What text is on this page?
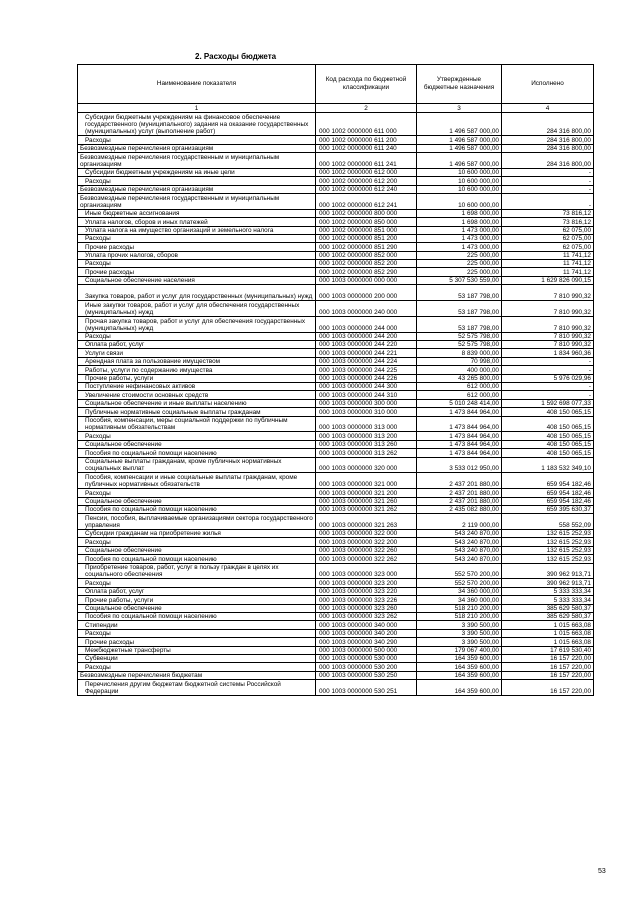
2. Расходы бюджета
Наименование показателя	Код расхода по бюджетной классификации	Утвержденные бюджетные назначения	Исполнено
1	2	3	4
Субсидии бюджетным учреждениям на финансовое обеспечение государственного (муниципального) задания на оказание государственных (муниципальных) услуг (выполнение работ)	000 1002 0000000 611 000	1 496 587 000,00	284 316 800,00
Расходы	000 1002 0000000 611 200	1 496 587 000,00	284 316 800,00
Безвозмездные перечисления организациям	000 1002 0000000 611 240	1 496 587 000,00	284 316 800,00
Безвозмездные перечисления государственным и муниципальным организациям	000 1002 0000000 611 241	1 496 587 000,00	284 316 800,00
Субсидии бюджетным учреждениям на иные цели	000 1002 0000000 612 000	10 600 000,00	-
Расходы	000 1002 0000000 612 200	10 600 000,00	-
Безвозмездные перечисления организациям	000 1002 0000000 612 240	10 600 000,00	-
Безвозмездные перечисления государственным и муниципальным организациям	000 1002 0000000 612 241	10 600 000,00	-
Иные бюджетные ассигнования	000 1002 0000000 800 000	1 698 000,00	73 816,12
Уплата налогов, сборов и иных платежей	000 1002 0000000 850 000	1 698 000,00	73 816,12
Уплата налога на имущество организаций и земельного налога	000 1002 0000000 851 000	1 473 000,00	62 075,00
Расходы	000 1002 0000000 851 200	1 473 000,00	62 075,00
Прочие расходы	000 1002 0000000 851 290	1 473 000,00	62 075,00
Уплата прочих налогов, сборов	000 1002 0000000 852 000	225 000,00	11 741,12
Расходы	000 1002 0000000 852 200	225 000,00	11 741,12
Прочие расходы	000 1002 0000000 852 290	225 000,00	11 741,12
Социальное обеспечение населения	000 1003 0000000 000 000	5 307 530 559,00	1 629 826 090,15
Закупка товаров, работ и услуг для государственных (муниципальных) нужд	000 1003 0000000 200 000	53 187 798,00	7 810 990,32
Иные закупки товаров, работ и услуг для обеспечения государственных (муниципальных) нужд	000 1003 0000000 240 000	53 187 798,00	7 810 990,32
Прочая закупка товаров, работ и услуг для обеспечения государственных (муниципальных) нужд	000 1003 0000000 244 000	53 187 798,00	7 810 990,32
Расходы	000 1003 0000000 244 200	52 575 798,00	7 810 990,32
Оплата работ, услуг	000 1003 0000000 244 220	52 575 798,00	7 810 990,32
Услуги связи	000 1003 0000000 244 221	8 839 000,00	1 834 960,36
Арендная плата за пользование имуществом	000 1003 0000000 244 224	70 998,00	-
Работы, услуги по содержанию имущества	000 1003 0000000 244 225	400 000,00	-
Прочие работы, услуги	000 1003 0000000 244 226	43 265 800,00	5 976 029,96
Поступление нефинансовых активов	000 1003 0000000 244 300	612 000,00	-
Увеличение стоимости основных средств	000 1003 0000000 244 310	612 000,00	-
Социальное обеспечение и иные выплаты населению	000 1003 0000000 300 000	5 010 248 414,00	1 592 698 077,33
Публичные нормативные социальные выплаты гражданам	000 1003 0000000 310 000	1 473 844 964,00	408 150 065,15
Пособия, компенсации, меры социальной поддержки по публичным нормативным обязательствам	000 1003 0000000 313 000	1 473 844 964,00	408 150 065,15
Расходы	000 1003 0000000 313 200	1 473 844 964,00	408 150 065,15
Социальное обеспечение	000 1003 0000000 313 260	1 473 844 964,00	408 150 065,15
Пособия по социальной помощи населению	000 1003 0000000 313 262	1 473 844 964,00	408 150 065,15
Социальные выплаты гражданам, кроме публичных нормативных социальных выплат	000 1003 0000000 320 000	3 533 012 950,00	1 183 532 349,10
Пособия, компенсации и иные социальные выплаты гражданам, кроме публичных нормативных обязательств	000 1003 0000000 321 000	2 437 201 880,00	659 954 182,46
Расходы	000 1003 0000000 321 200	2 437 201 880,00	659 954 182,46
Социальное обеспечение	000 1003 0000000 321 260	2 437 201 880,00	659 954 182,46
Пособия по социальной помощи населению	000 1003 0000000 321 262	2 435 082 880,00	659 395 630,37
Пенсии, пособия, выплачиваемые организациями сектора государственного управления	000 1003 0000000 321 263	2 119 000,00	558 552,09
Субсидии гражданам на приобретение жилья	000 1003 0000000 322 000	543 240 870,00	132 615 252,93
Расходы	000 1003 0000000 322 200	543 240 870,00	132 615 252,93
Социальное обеспечение	000 1003 0000000 322 260	543 240 870,00	132 615 252,93
Пособия по социальной помощи населению	000 1003 0000000 322 262	543 240 870,00	132 615 252,93
Приобретение товаров, работ, услуг в пользу граждан в целях их социального обеспечения	000 1003 0000000 323 000	552 570 200,00	390 962 913,71
Расходы	000 1003 0000000 323 200	552 570 200,00	390 962 913,71
Оплата работ, услуг	000 1003 0000000 323 220	34 360 000,00	5 333 333,34
Прочие работы, услуги	000 1003 0000000 323 226	34 360 000,00	5 333 333,34
Социальное обеспечение	000 1003 0000000 323 260	518 210 200,00	385 629 580,37
Пособия по социальной помощи населению	000 1003 0000000 323 262	518 210 200,00	385 629 580,37
Стипендии	000 1003 0000000 340 000	3 390 500,00	1 015 663,08
Расходы	000 1003 0000000 340 200	3 390 500,00	1 015 663,08
Прочие расходы	000 1003 0000000 340 290	3 390 500,00	1 015 663,08
Межбюджетные трансферты	000 1003 0000000 500 000	179 067 400,00	17 619 530,40
Субвенции	000 1003 0000000 530 000	164 359 600,00	16 157 220,00
Расходы	000 1003 0000000 530 200	164 359 600,00	16 157 220,00
Безвозмездные перечисления бюджетам	000 1003 0000000 530 250	164 359 600,00	16 157 220,00
Перечисления другим бюджетам бюджетной системы Российской Федерации	000 1003 0000000 530 251	164 359 600,00	16 157 220,00
53
